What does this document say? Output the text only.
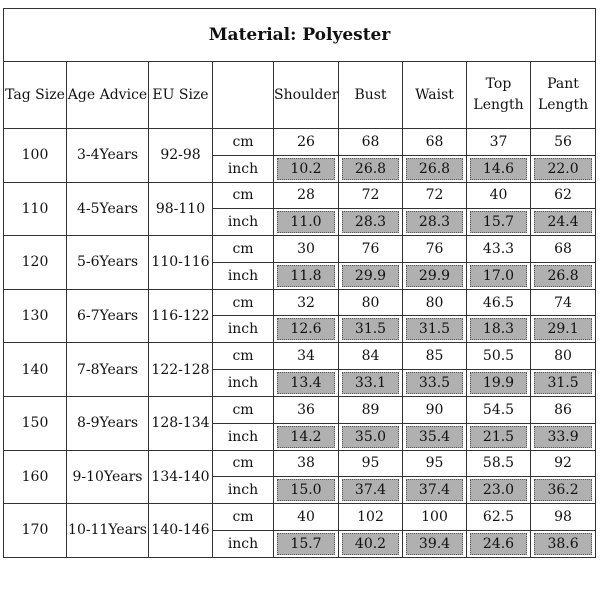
Material: Polyester								
Tag Size	Age Advice	EU Size		Shoulder	Bust	Waist	Top Length	Pant Length
100	3-4Years	92-98	cm	26	68	68	37	56
			inch	10.2	26.8	26.8	14.6	22.0

110	4-5Years	98-110	cm	28	72	72	40	62
			inch	11.0	28.3	28.3	15.7	24.4

120	5-6Years	110-116	cm	30	76	76	43.3	68
			inch	11.8	29.9	29.9	17.0	26.8

130	6-7Years	116-122	cm	32	80	80	46.5	74
			inch	12.6	31.5	31.5	18.3	29.1

140	7-8Years	122-128	cm	34	84	85	50.5	80
			inch	13.4	33.1	33.5	19.9	31.5

150	8-9Years	128-134	cm	36	89	90	54.5	86
			inch	14.2	35.0	35.4	21.5	33.9

160	9-10Years	134-140	cm	38	95	95	58.5	92
			inch	15.0	37.4	37.4	23.0	36.2

170	10-11Years	140-146	cm	40	102	100	62.5	98
			inch	15.7	40.2	39.4	24.6	38.6
